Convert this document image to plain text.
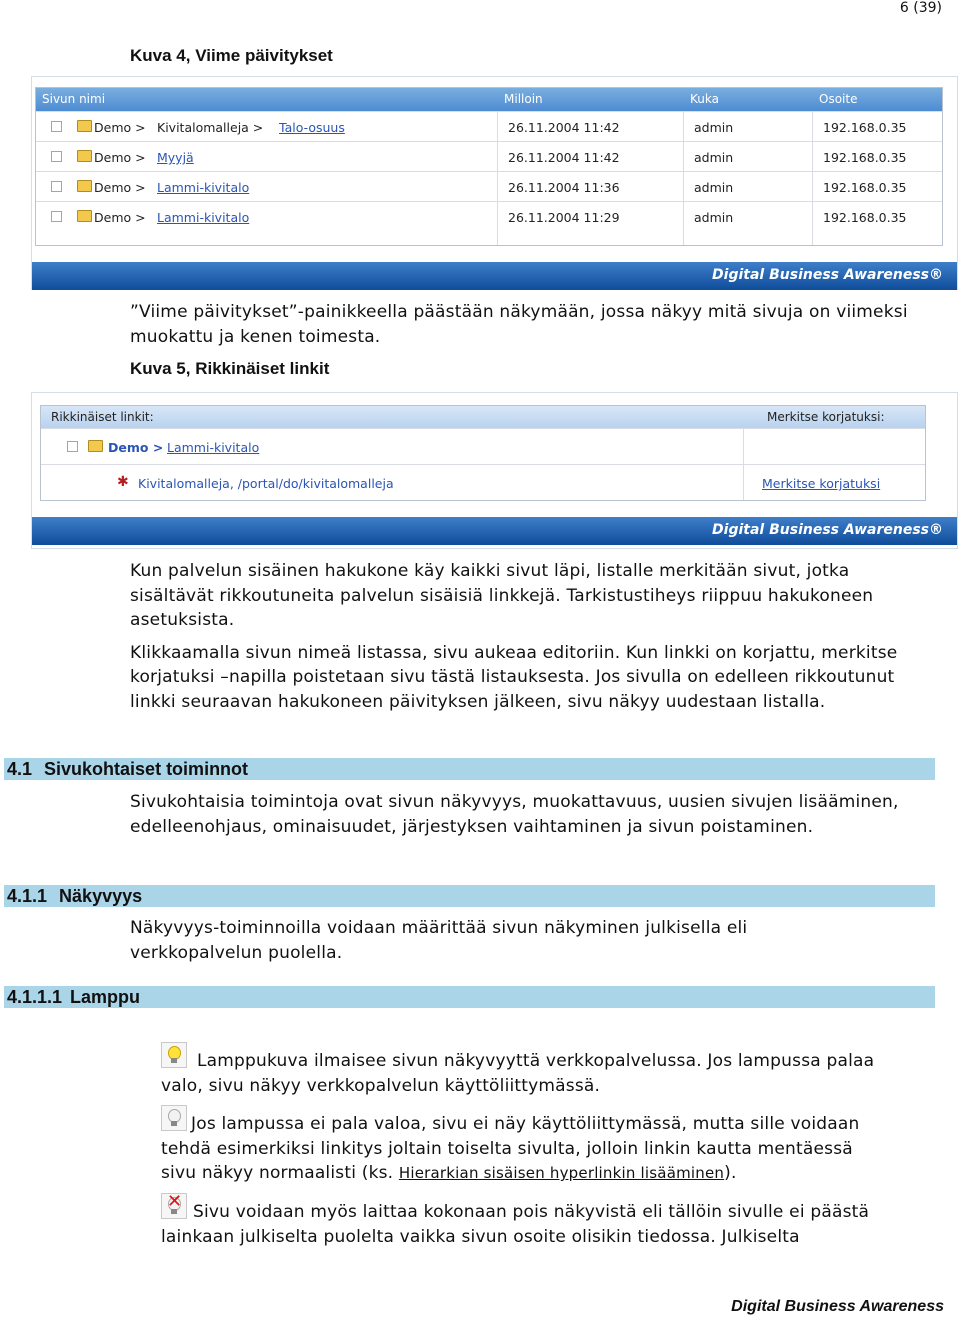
6 (39)
Kuva 4, Viime päivitykset
Sivun nimi	Milloin	Kuka	Osoite
Demo > Kivitalomalleja > Talo-osuus	26.11.2004 11:42	admin	192.168.0.35
Demo > Myyjä	26.11.2004 11:42	admin	192.168.0.35
Demo > Lammi-kivitalo	26.11.2004 11:36	admin	192.168.0.35
Demo > Lammi-kivitalo	26.11.2004 11:29	admin	192.168.0.35
Digital Business Awareness®

”Viime päivitykset”-painikkeella päästään näkymään, jossa näkyy mitä sivuja on viimeksi muokattu ja kenen toimesta.

Kuva 5, Rikkinäiset linkit
Rikkinäiset linkit:	Merkitse korjatuksi:
Demo > Lammi-kivitalo
✱ Kivitalomalleja, /portal/do/kivitalomalleja	Merkitse korjatuksi
Digital Business Awareness®

Kun palvelun sisäinen hakukone käy kaikki sivut läpi, listalle merkitään sivut, jotka sisältävät rikkoutuneita palvelun sisäisiä linkkejä. Tarkistustiheys riippuu hakukoneen asetuksista.

Klikkaamalla sivun nimeä listassa, sivu aukeaa editoriin. Kun linkki on korjattu, merkitse korjatuksi –napilla poistetaan sivu tästä listauksesta. Jos sivulla on edelleen rikkoutunut linkki seuraavan hakukoneen päivityksen jälkeen, sivu näkyy uudestaan listalla.

4.1 Sivukohtaiset toiminnot

Sivukohtaisia toimintoja ovat sivun näkyvyys, muokattavuus, uusien sivujen lisääminen, edelleenohjaus, ominaisuudet, järjestyksen vaihtaminen ja sivun poistaminen.

4.1.1 Näkyvyys

Näkyvyys-toiminnoilla voidaan määrittää sivun näkyminen julkisella eli verkkopalvelun puolella.

4.1.1.1 Lamppu

Lamppukuva ilmaisee sivun näkyvyyttä verkkopalvelussa. Jos lampussa palaa

valo, sivu näkyy verkkopalvelun käyttöliittymässä.

Jos lampussa ei pala valoa, sivu ei näy käyttöliittymässä, mutta sille voidaan

tehdä esimerkiksi linkitys joltain toiselta sivulta, jolloin linkin kautta mentäessä

sivu näkyy normaalisti (ks. Hierarkian sisäisen hyperlinkin lisääminen).

✕ Sivu voidaan myös laittaa kokonaan pois näkyvistä eli tällöin sivulle ei päästä

lainkaan julkiselta puolelta vaikka sivun osoite olisikin tiedossa. Julkiselta

Digital Business Awareness
